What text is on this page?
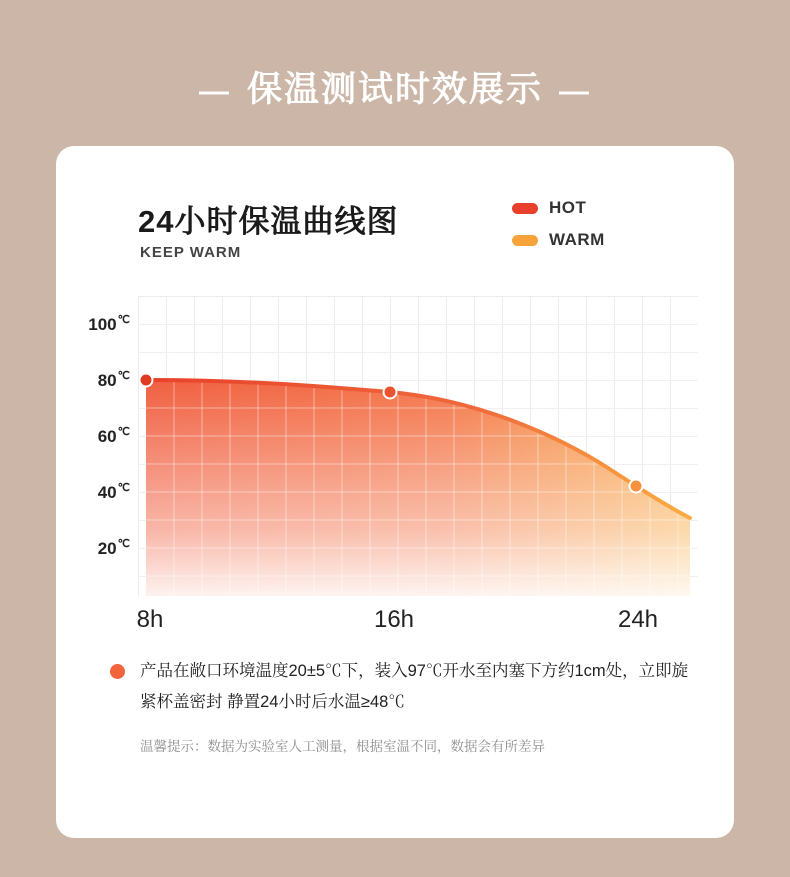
— 保温测试时效展示 —
24小时保温曲线图
KEEP WARM
HOT
WARM
100℃
80℃
60℃
40℃
20℃
8h	16h	24h
产品在敞口环境温度20±5℃下，装入97℃开水至内塞下方约1cm处，立即旋紧杯盖密封 静置24小时后水温≥48℃
温馨提示：数据为实验室人工测量，根据室温不同，数据会有所差异
